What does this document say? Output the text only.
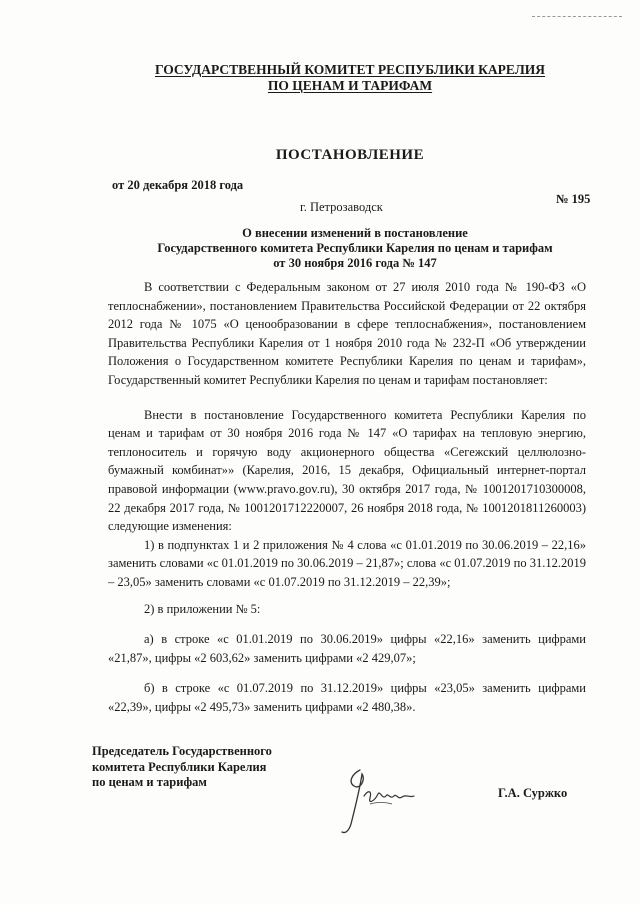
ГОСУДАРСТВЕННЫЙ КОМИТЕТ РЕСПУБЛИКИ КАРЕЛИЯ
ПО ЦЕНАМ И ТАРИФАМ
ПОСТАНОВЛЕНИЕ
от 20 декабря 2018 года
г. Петрозаводск
№ 195
О внесении изменений в постановление
Государственного комитета Республики Карелия по ценам и тарифам
от 30 ноября 2016 года № 147

В соответствии с Федеральным законом от 27 июля 2010 года № 190-ФЗ «О теплоснабжении», постановлением Правительства Российской Федерации от 22 октября 2012 года № 1075 «О ценообразовании в сфере теплоснабжения», постановлением Правительства Республики Карелия от 1 ноября 2010 года № 232-П «Об утверждении Положения о Государственном комитете Республики Карелия по ценам и тарифам», Государственный комитет Республики Карелия по ценам и тарифам постановляет:

Внести в постановление Государственного комитета Республики Карелия по ценам и тарифам от 30 ноября 2016 года № 147 «О тарифах на тепловую энергию, теплоноситель и горячую воду акционерного общества «Сегежский целлюлозно-бумажный комбинат»» (Карелия, 2016, 15 декабря, Официальный интернет-портал правовой информации (www.pravo.gov.ru), 30 октября 2017 года, № 1001201710300008, 22 декабря 2017 года, № 1001201712220007, 26 ноября 2018 года, № 1001201811260003) следующие изменения:

1) в подпунктах 1 и 2 приложения № 4 слова «с 01.01.2019 по 30.06.2019 – 22,16» заменить словами «с 01.01.2019 по 30.06.2019 – 21,87»; слова «с 01.07.2019 по 31.12.2019 – 23,05» заменить словами «с 01.07.2019 по 31.12.2019 – 22,39»;

2) в приложении № 5:

а) в строке «с 01.01.2019 по 30.06.2019» цифры «22,16» заменить цифрами «21,87», цифры «2 603,62» заменить цифрами «2 429,07»;

б) в строке «с 01.07.2019 по 31.12.2019» цифры «23,05» заменить цифрами «22,39», цифры «2 495,73» заменить цифрами «2 480,38».

Председатель Государственного
комитета Республики Карелия
по ценам и тарифам
Г.А. Суржко
